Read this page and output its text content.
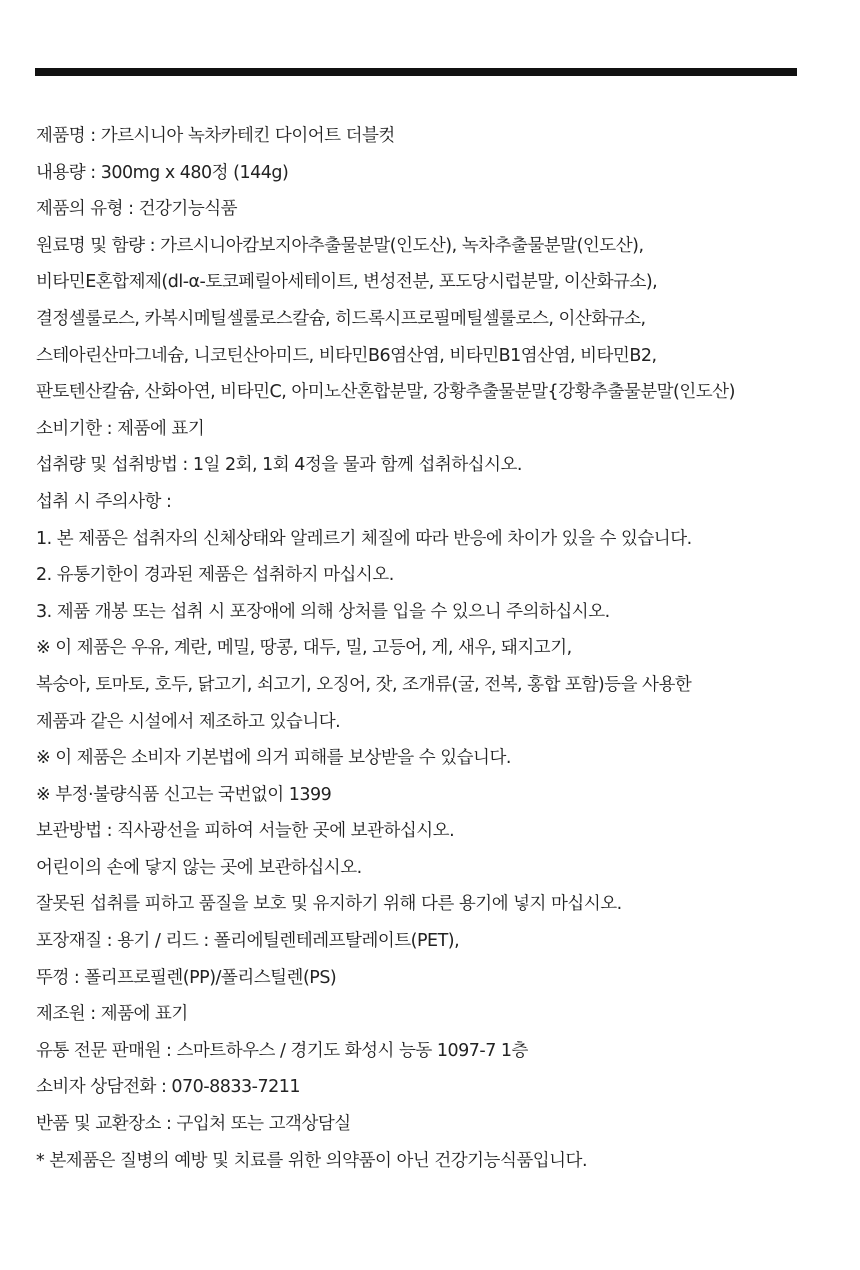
제품명 : 가르시니아 녹차카테킨 다이어트 더블컷
내용량 : 300mg x 480정 (144g)
제품의 유형 : 건강기능식품
원료명 및 함량 : 가르시니아캄보지아추출물분말(인도산), 녹차추출물분말(인도산),
비타민E혼합제제(dl-α-토코페릴아세테이트, 변성전분, 포도당시럽분말, 이산화규소),
결정셀룰로스, 카복시메틸셀룰로스칼슘, 히드록시프로필메틸셀룰로스, 이산화규소,
스테아린산마그네슘, 니코틴산아미드, 비타민B6염산염, 비타민B1염산염, 비타민B2,
판토텐산칼슘, 산화아연, 비타민C, 아미노산혼합분말, 강황추출물분말{강황추출물분말(인도산)
소비기한 : 제품에 표기
섭취량 및 섭취방법 : 1일 2회, 1회 4정을 물과 함께 섭취하십시오.
섭취 시 주의사항 :
1. 본 제품은 섭취자의 신체상태와 알레르기 체질에 따라 반응에 차이가 있을 수 있습니다.
2. 유통기한이 경과된 제품은 섭취하지 마십시오.
3. 제품 개봉 또는 섭취 시 포장애에 의해 상처를 입을 수 있으니 주의하십시오.
※ 이 제품은 우유, 계란, 메밀, 땅콩, 대두, 밀, 고등어, 게, 새우, 돼지고기,
복숭아, 토마토, 호두, 닭고기, 쇠고기, 오징어, 잣, 조개류(굴, 전복, 홍합 포함)등을 사용한
제품과 같은 시설에서 제조하고 있습니다.
※ 이 제품은 소비자 기본법에 의거 피해를 보상받을 수 있습니다.
※ 부정·불량식품 신고는 국번없이 1399
보관방법 : 직사광선을 피하여 서늘한 곳에 보관하십시오.
어린이의 손에 닿지 않는 곳에 보관하십시오.
잘못된 섭취를 피하고 품질을 보호 및 유지하기 위해 다른 용기에 넣지 마십시오.
포장재질 : 용기 / 리드 : 폴리에틸렌테레프탈레이트(PET),
뚜껑 : 폴리프로필렌(PP)/폴리스틸렌(PS)
제조원 : 제품에 표기
유통 전문 판매원 : 스마트하우스 / 경기도 화성시 능동 1097-7 1층
소비자 상담전화 : 070-8833-7211
반품 및 교환장소 : 구입처 또는 고객상담실
* 본제품은 질병의 예방 및 치료를 위한 의약품이 아닌 건강기능식품입니다.
